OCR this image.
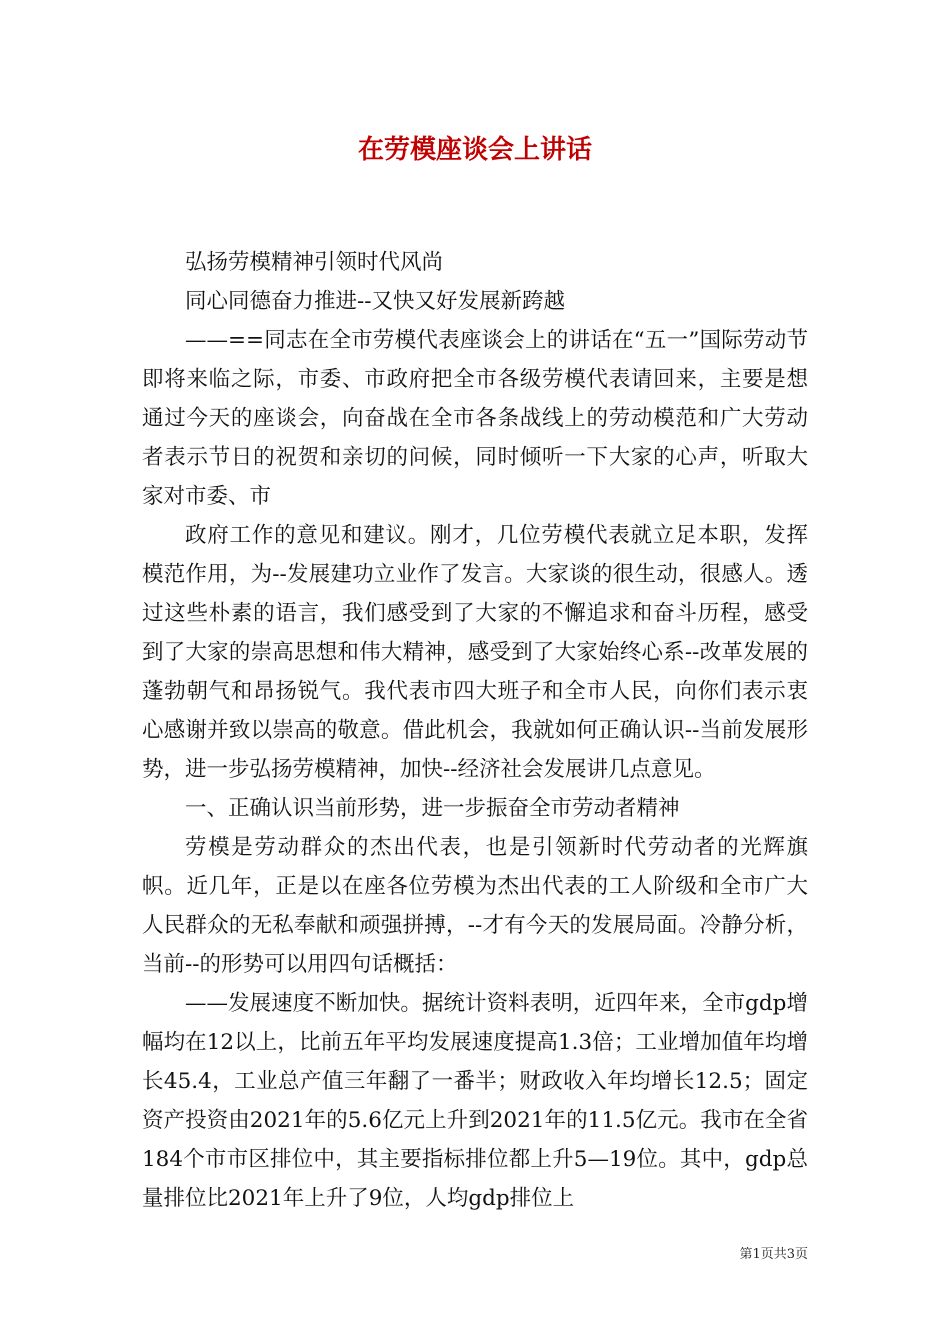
在劳模座谈会上讲话

弘扬劳模精神引领时代风尚

同心同德奋力推进--又快又好发展新跨越

——==同志在全市劳模代表座谈会上的讲话在“五一”国际劳动节即将来临之际，市委、市政府把全市各级劳模代表请回来，主要是想通过今天的座谈会，向奋战在全市各条战线上的劳动模范和广大劳动者表示节日的祝贺和亲切的问候，同时倾听一下大家的心声，听取大家对市委、市

政府工作的意见和建议。刚才，几位劳模代表就立足本职，发挥模范作用，为--发展建功立业作了发言。大家谈的很生动，很感人。透过这些朴素的语言，我们感受到了大家的不懈追求和奋斗历程，感受到了大家的崇高思想和伟大精神，感受到了大家始终心系--改革发展的蓬勃朝气和昂扬锐气。我代表市四大班子和全市人民，向你们表示衷心感谢并致以崇高的敬意。借此机会，我就如何正确认识--当前发展形势，进一步弘扬劳模精神，加快--经济社会发展讲几点意见。

一、正确认识当前形势，进一步振奋全市劳动者精神

劳模是劳动群众的杰出代表，也是引领新时代劳动者的光辉旗帜。近几年，正是以在座各位劳模为杰出代表的工人阶级和全市广大人民群众的无私奉献和顽强拼搏，--才有今天的发展局面。冷静分析，当前--的形势可以用四句话概括：

——发展速度不断加快。据统计资料表明，近四年来，全市gdp增幅均在12以上，比前五年平均发展速度提高1.3倍；工业增加值年均增长45.4，工业总产值三年翻了一番半；财政收入年均增长12.5；固定资产投资由2021年的5.6亿元上升到2021年的11.5亿元。我市在全省184个市市区排位中，其主要指标排位都上升5—19位。其中，gdp总量排位比2021年上升了9位，人均gdp排位上

第1页共3页
